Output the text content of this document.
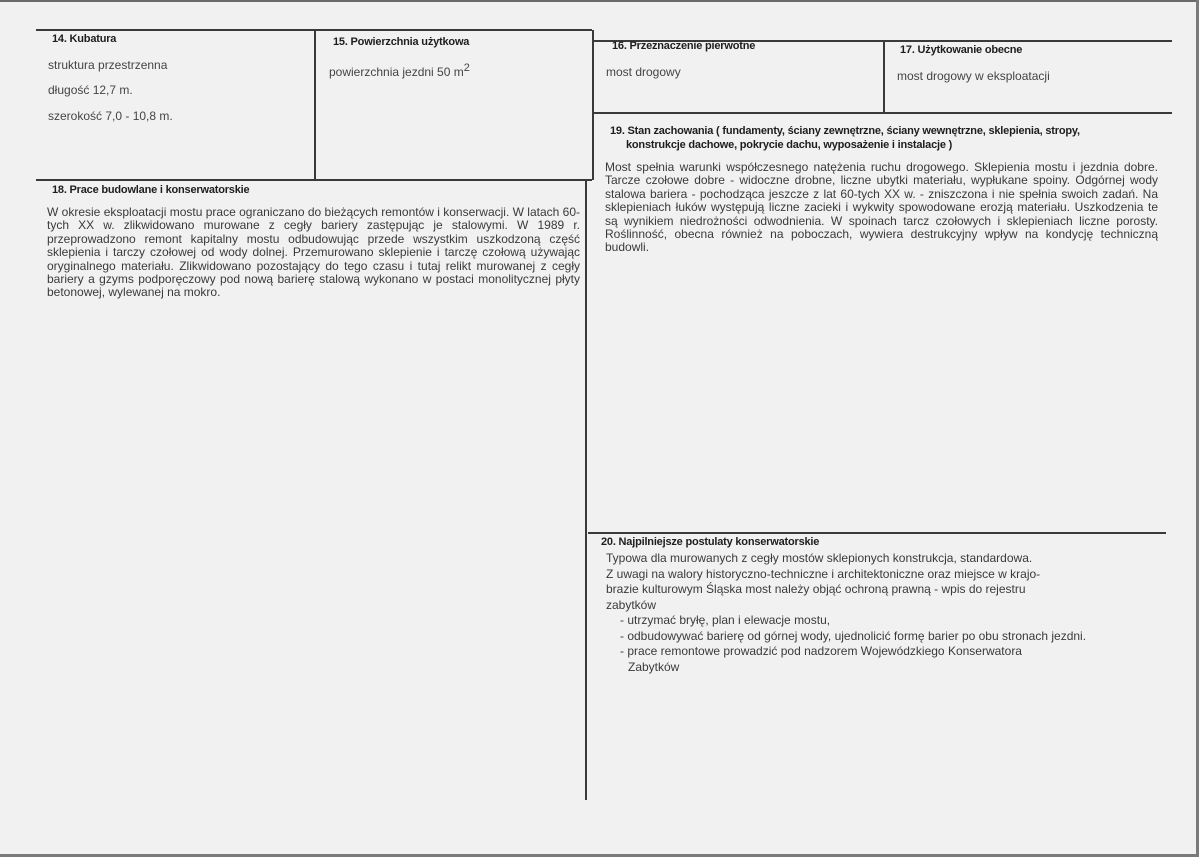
14. Kubatura
struktura przestrzenna
długość 12,7 m.
szerokość 7,0 - 10,8 m.
15. Powierzchnia użytkowa
powierzchnia jezdni 50 $m^2$
16. Przeznaczenie pierwotne
most drogowy
17. Użytkowanie obecne
most drogowy w eksploatacji
19. Stan zachowania ( fundamenty, ściany zewnętrzne, ściany wewnętrzne, sklepienia, stropy,
konstrukcje dachowe, pokrycie dachu, wyposażenie i instalacje )
Most spełnia warunki współczesnego natężenia ruchu drogowego. Sklepienia mostu i jezdnia dobre. Tarcze czołowe dobre - widoczne drobne, liczne ubytki materiału, wypłukane spoiny. Odgórnej wody stalowa bariera - pochodząca jeszcze z lat 60-tych XX w. - zniszczona i nie spełnia swoich zadań. Na sklepieniach łuków występują liczne zacieki i wykwity spowodowane erozją materiału. Uszkodzenia te są wynikiem niedrożności odwodnienia. W spoinach tarcz czołowych i sklepieniach liczne porosty. Roślinność, obecna również na poboczach, wywiera destrukcyjny wpływ na kondycję techniczną budowli.
18. Prace budowlane i konserwatorskie
W okresie eksploatacji mostu prace ograniczano do bieżących remontów i konserwacji. W latach 60-tych XX w. zlikwidowano murowane z cegły bariery zastępując je stalowymi. W 1989 r. przeprowadzono remont kapitalny mostu odbudowując przede wszystkim uszkodzoną część sklepienia i tarczy czołowej od wody dolnej. Przemurowano sklepienie i tarczę czołową używając oryginalnego materiału. Zlikwidowano pozostający do tego czasu i tutaj relikt murowanej z cegły bariery a gzyms podporęczowy pod nową barierę stalową wykonano w postaci monolitycznej płyty betonowej, wylewanej na mokro.
20. Najpilniejsze postulaty konserwatorskie
Typowa dla murowanych z cegły mostów sklepionych konstrukcja, standardowa.
Z uwagi na walory historyczno-techniczne i architektoniczne oraz miejsce w krajo-
brazie kulturowym Śląska most należy objąć ochroną prawną - wpis do rejestru
zabytków
- utrzymać bryłę, plan i elewacje mostu,
- odbudowywać barierę od górnej wody, ujednolicić formę barier po obu stronach jezdni.
- prace remontowe prowadzić pod nadzorem Wojewódzkiego Konserwatora
Zabytków
